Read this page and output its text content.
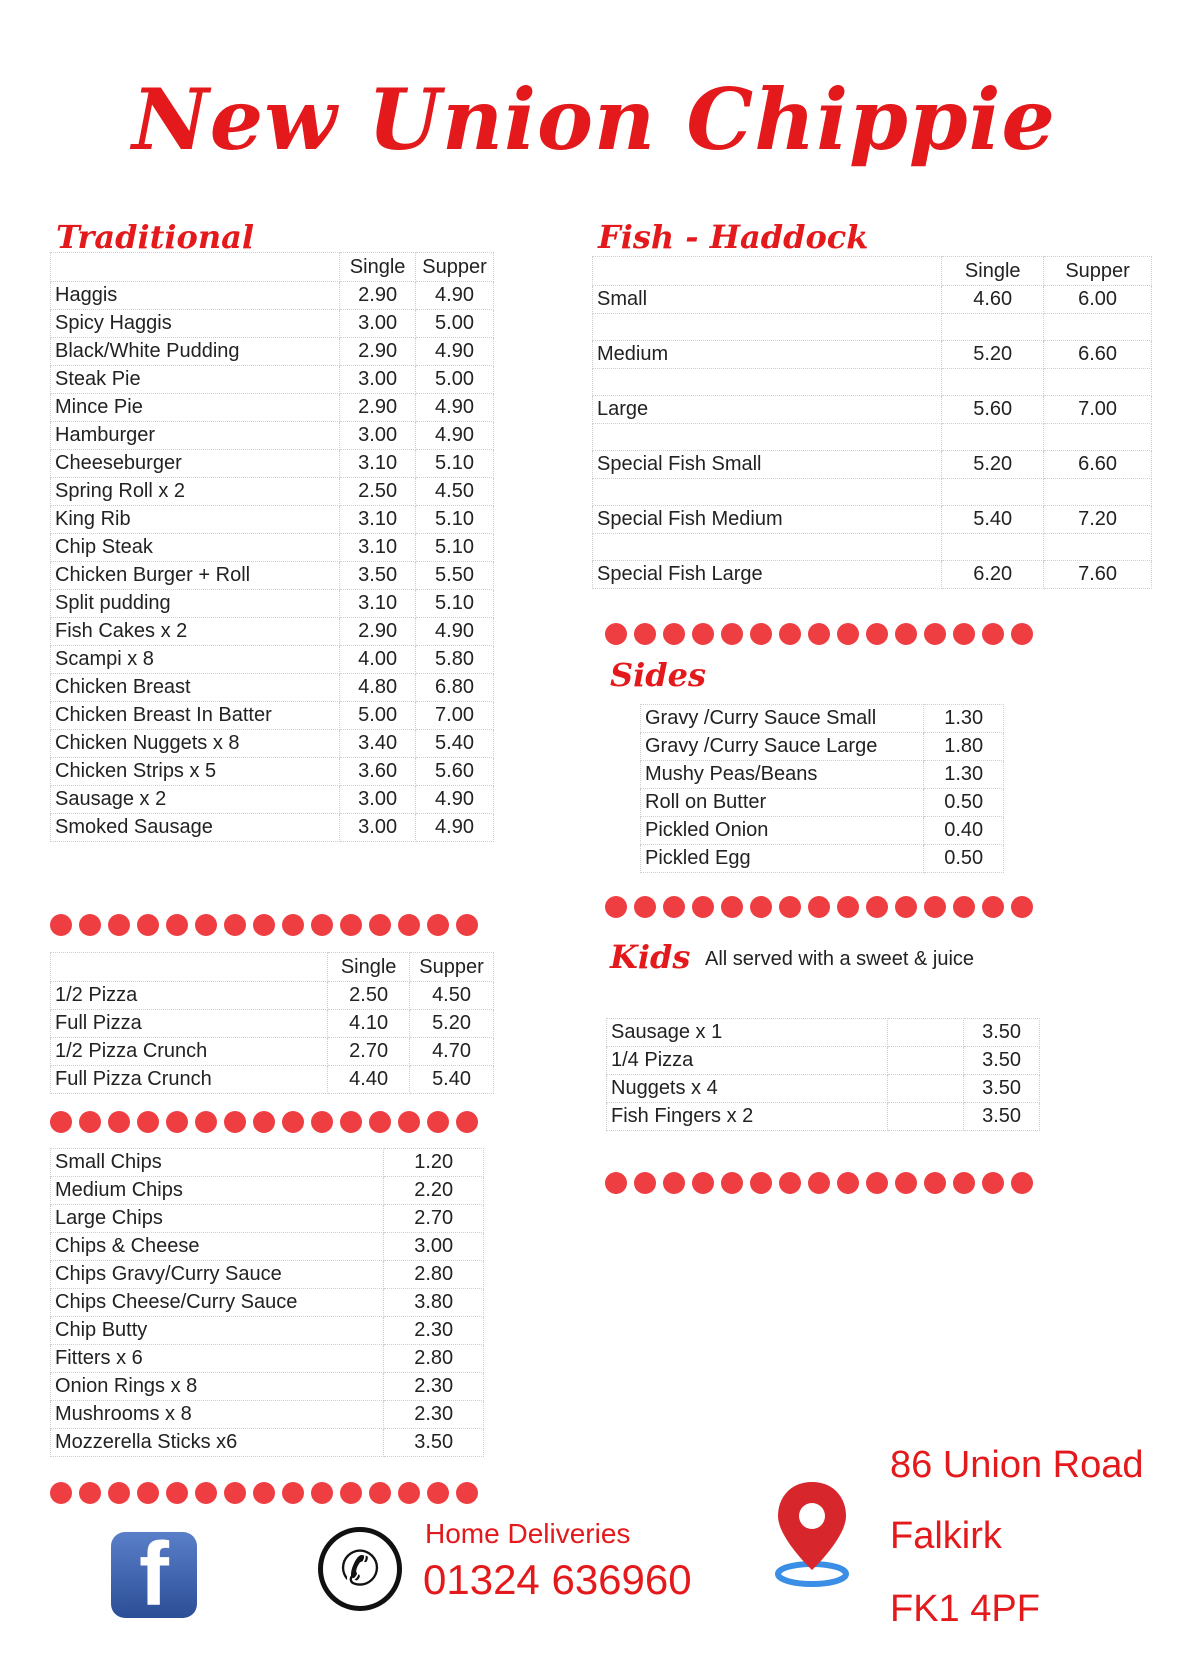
New Union Chippie
Traditional
	Single	Supper
Haggis	2.90	4.90
Spicy Haggis	3.00	5.00
Black/White Pudding	2.90	4.90
Steak Pie	3.00	5.00
Mince Pie	2.90	4.90
Hamburger	3.00	4.90
Cheeseburger	3.10	5.10
Spring Roll x 2	2.50	4.50
King Rib	3.10	5.10
Chip Steak	3.10	5.10
Chicken Burger + Roll	3.50	5.50
Split pudding	3.10	5.10
Fish Cakes x 2	2.90	4.90
Scampi x 8	4.00	5.80
Chicken Breast	4.80	6.80
Chicken Breast In Batter	5.00	7.00
Chicken Nuggets x 8	3.40	5.40
Chicken Strips x 5	3.60	5.60
Sausage x 2	3.00	4.90
Smoked Sausage	3.00	4.90
	Single	Supper
1/2 Pizza	2.50	4.50
Full Pizza	4.10	5.20
1/2 Pizza Crunch	2.70	4.70
Full Pizza Crunch	4.40	5.40
Small Chips	1.20
Medium Chips	2.20
Large Chips	2.70
Chips & Cheese	3.00
Chips Gravy/Curry Sauce	2.80
Chips Cheese/Curry Sauce	3.80
Chip Butty	2.30
Fitters x 6	2.80
Onion Rings x 8	2.30
Mushrooms x 8	2.30
Mozzerella Sticks x6	3.50
Fish - Haddock
	Single	Supper
Small	4.60	6.00

Medium	5.20	6.60

Large	5.60	7.00

Special Fish Small	5.20	6.60

Special Fish Medium	5.40	7.20

Special Fish Large	6.20	7.60
Sides
Gravy /Curry Sauce Small	1.30
Gravy /Curry Sauce Large	1.80
Mushy Peas/Beans	1.30
Roll on Butter	0.50
Pickled Onion	0.40
Pickled Egg	0.50
Kids All served with a sweet & juice
Sausage x 1		3.50
1/4 Pizza		3.50
Nuggets x 4		3.50
Fish Fingers x 2		3.50
f	✆
Home Deliveries
01324 636960
86 Union Road
Falkirk
FK1 4PF
